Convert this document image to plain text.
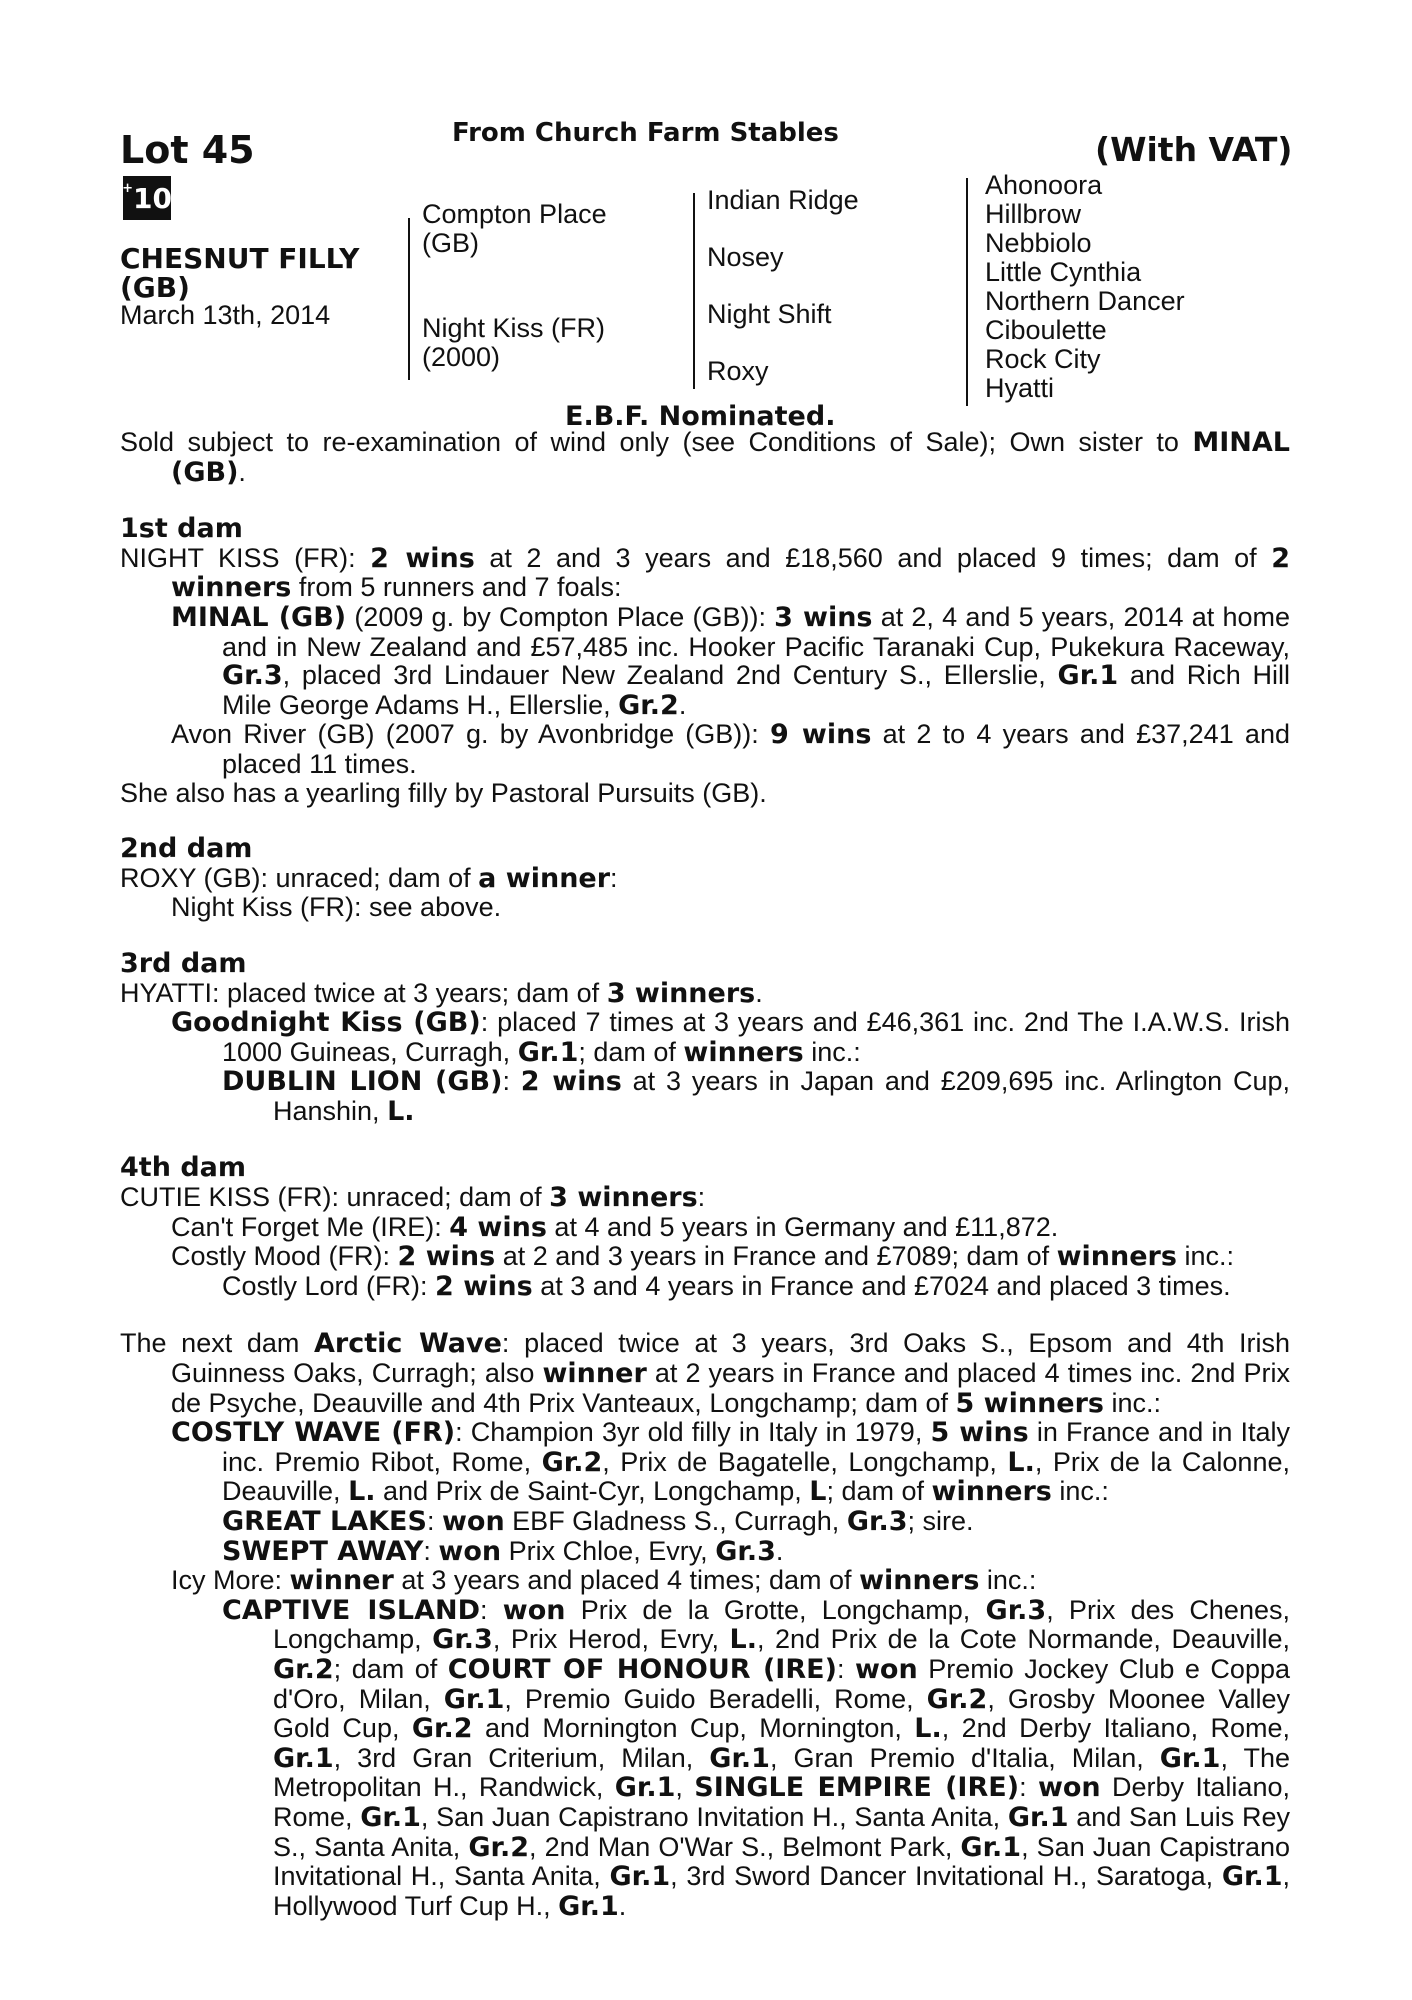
Lot 45	From Church Farm Stables	(With VAT)
+ 10
CHESNUT FILLY
(GB)
March 13th, 2014
Compton Place
(GB)
Night Kiss (FR)
(2000)
Indian Ridge
Nosey
Night Shift
Roxy
Ahonoora
Hillbrow
Nebbiolo
Little Cynthia
Northern Dancer
Ciboulette
Rock City
Hyatti
E.B.F. Nominated.

Sold subject to re-examination of wind only (see Conditions of Sale); Own sister to MINAL (GB).

1st dam

NIGHT KISS (FR): 2 wins at 2 and 3 years and £18,560 and placed 9 times; dam of 2 winners from 5 runners and 7 foals:

MINAL (GB) (2009 g. by Compton Place (GB)): 3 wins at 2, 4 and 5 years, 2014 at home and in New Zealand and £57,485 inc. Hooker Pacific Taranaki Cup, Pukekura Raceway, Gr.3, placed 3rd Lindauer New Zealand 2nd Century S., Ellerslie, Gr.1 and Rich Hill Mile George Adams H., Ellerslie, Gr.2.

Avon River (GB) (2007 g. by Avonbridge (GB)): 9 wins at 2 to 4 years and £37,241 and placed 11 times.

She also has a yearling filly by Pastoral Pursuits (GB).

2nd dam

ROXY (GB): unraced; dam of a winner:

Night Kiss (FR): see above.

3rd dam

HYATTI: placed twice at 3 years; dam of 3 winners.

Goodnight Kiss (GB): placed 7 times at 3 years and £46,361 inc. 2nd The I.A.W.S. Irish 1000 Guineas, Curragh, Gr.1; dam of winners inc.:

DUBLIN LION (GB): 2 wins at 3 years in Japan and £209,695 inc. Arlington Cup, Hanshin, L.

4th dam

CUTIE KISS (FR): unraced; dam of 3 winners:

Can't Forget Me (IRE): 4 wins at 4 and 5 years in Germany and £11,872.

Costly Mood (FR): 2 wins at 2 and 3 years in France and £7089; dam of winners inc.:

Costly Lord (FR): 2 wins at 3 and 4 years in France and £7024 and placed 3 times.

The next dam Arctic Wave: placed twice at 3 years, 3rd Oaks S., Epsom and 4th Irish Guinness Oaks, Curragh; also winner at 2 years in France and placed 4 times inc. 2nd Prix de Psyche, Deauville and 4th Prix Vanteaux, Longchamp; dam of 5 winners inc.:

COSTLY WAVE (FR): Champion 3yr old filly in Italy in 1979, 5 wins in France and in Italy inc. Premio Ribot, Rome, Gr.2, Prix de Bagatelle, Longchamp, L., Prix de la Calonne, Deauville, L. and Prix de Saint-Cyr, Longchamp, L; dam of winners inc.:

GREAT LAKES: won EBF Gladness S., Curragh, Gr.3; sire.

SWEPT AWAY: won Prix Chloe, Evry, Gr.3.

Icy More: winner at 3 years and placed 4 times; dam of winners inc.:

CAPTIVE ISLAND: won Prix de la Grotte, Longchamp, Gr.3, Prix des Chenes, Longchamp, Gr.3, Prix Herod, Evry, L., 2nd Prix de la Cote Normande, Deauville, Gr.2; dam of COURT OF HONOUR (IRE): won Premio Jockey Club e Coppa d'Oro, Milan, Gr.1, Premio Guido Beradelli, Rome, Gr.2, Grosby Moonee Valley Gold Cup, Gr.2 and Mornington Cup, Mornington, L., 2nd Derby Italiano, Rome, Gr.1, 3rd Gran Criterium, Milan, Gr.1, Gran Premio d'Italia, Milan, Gr.1, The Metropolitan H., Randwick, Gr.1, SINGLE EMPIRE (IRE): won Derby Italiano, Rome, Gr.1, San Juan Capistrano Invitation H., Santa Anita, Gr.1 and San Luis Rey S., Santa Anita, Gr.2, 2nd Man O'War S., Belmont Park, Gr.1, San Juan Capistrano Invitational H., Santa Anita, Gr.1, 3rd Sword Dancer Invitational H., Saratoga, Gr.1, Hollywood Turf Cup H., Gr.1.
